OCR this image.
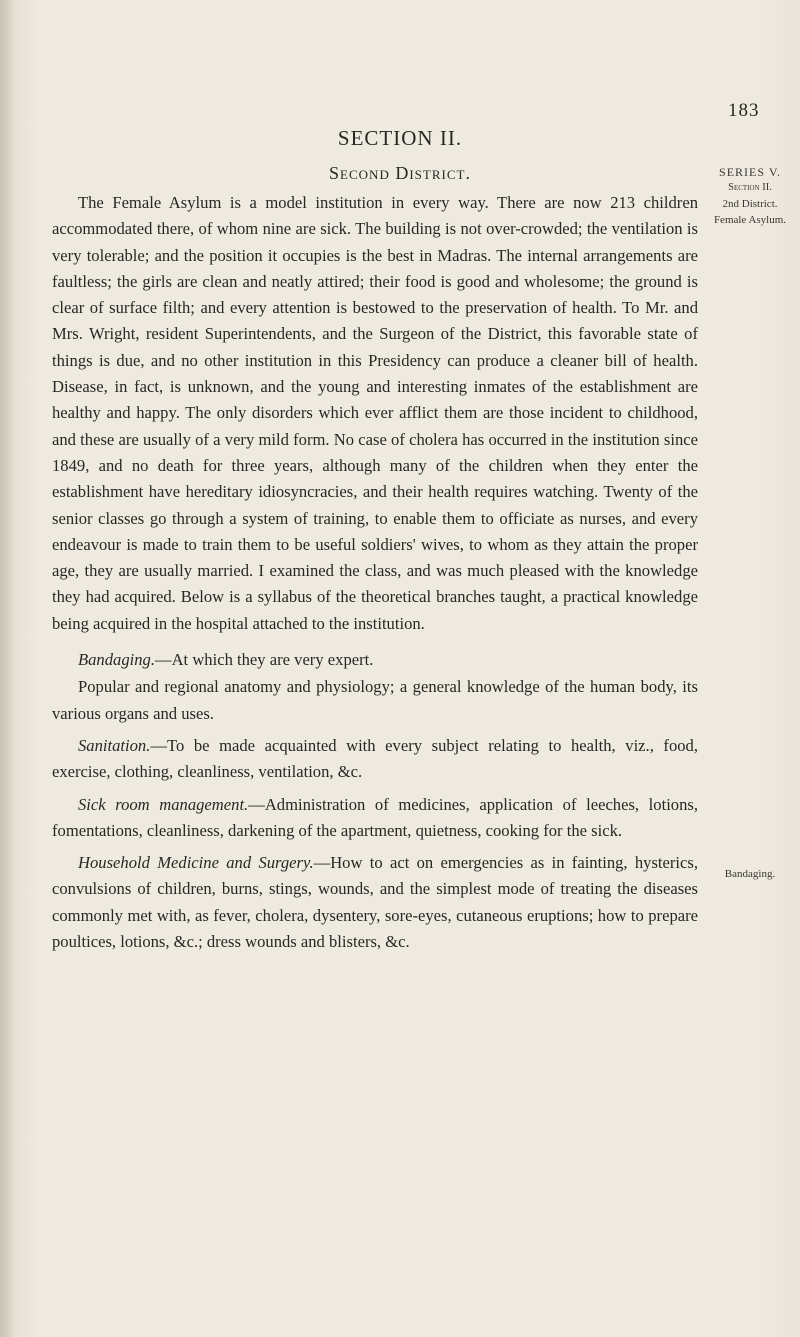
183
SECTION II.
Second District.	SERIES V.
Section II.
2nd District.
Female Asylum.
Bandaging.

The Female Asylum is a model institution in every way. There are now 213 children accommodated there, of whom nine are sick. The building is not over-crowded; the ventilation is very tolerable; and the position it occupies is the best in Madras. The internal arrangements are faultless; the girls are clean and neatly attired; their food is good and wholesome; the ground is clear of surface filth; and every attention is bestowed to the preservation of health. To Mr. and Mrs. Wright, resident Superintendents, and the Surgeon of the District, this favorable state of things is due, and no other institution in this Presidency can produce a cleaner bill of health. Disease, in fact, is unknown, and the young and interesting inmates of the establishment are healthy and happy. The only disorders which ever afflict them are those incident to childhood, and these are usually of a very mild form. No case of cholera has occurred in the institution since 1849, and no death for three years, although many of the children when they enter the establishment have hereditary idiosyncracies, and their health requires watching. Twenty of the senior classes go through a system of training, to enable them to officiate as nurses, and every endeavour is made to train them to be useful soldiers' wives, to whom as they attain the proper age, they are usually married. I examined the class, and was much pleased with the knowledge they had acquired. Below is a syllabus of the theoretical branches taught, a practical knowledge being acquired in the hospital attached to the institution.

Bandaging.—At which they are very expert.

Popular and regional anatomy and physiology; a general knowledge of the human body, its various organs and uses.

Sanitation.—To be made acquainted with every subject relating to health, viz., food, exercise, clothing, cleanliness, ventilation, &c.

Sick room management.—Administration of medicines, application of leeches, lotions, fomentations, cleanliness, darkening of the apartment, quietness, cooking for the sick.

Household Medicine and Surgery.—How to act on emergencies as in fainting, hysterics, convulsions of children, burns, stings, wounds, and the simplest mode of treating the diseases commonly met with, as fever, cholera, dysentery, sore-eyes, cutaneous eruptions; how to prepare poultices, lotions, &c.; dress wounds and blisters, &c.
